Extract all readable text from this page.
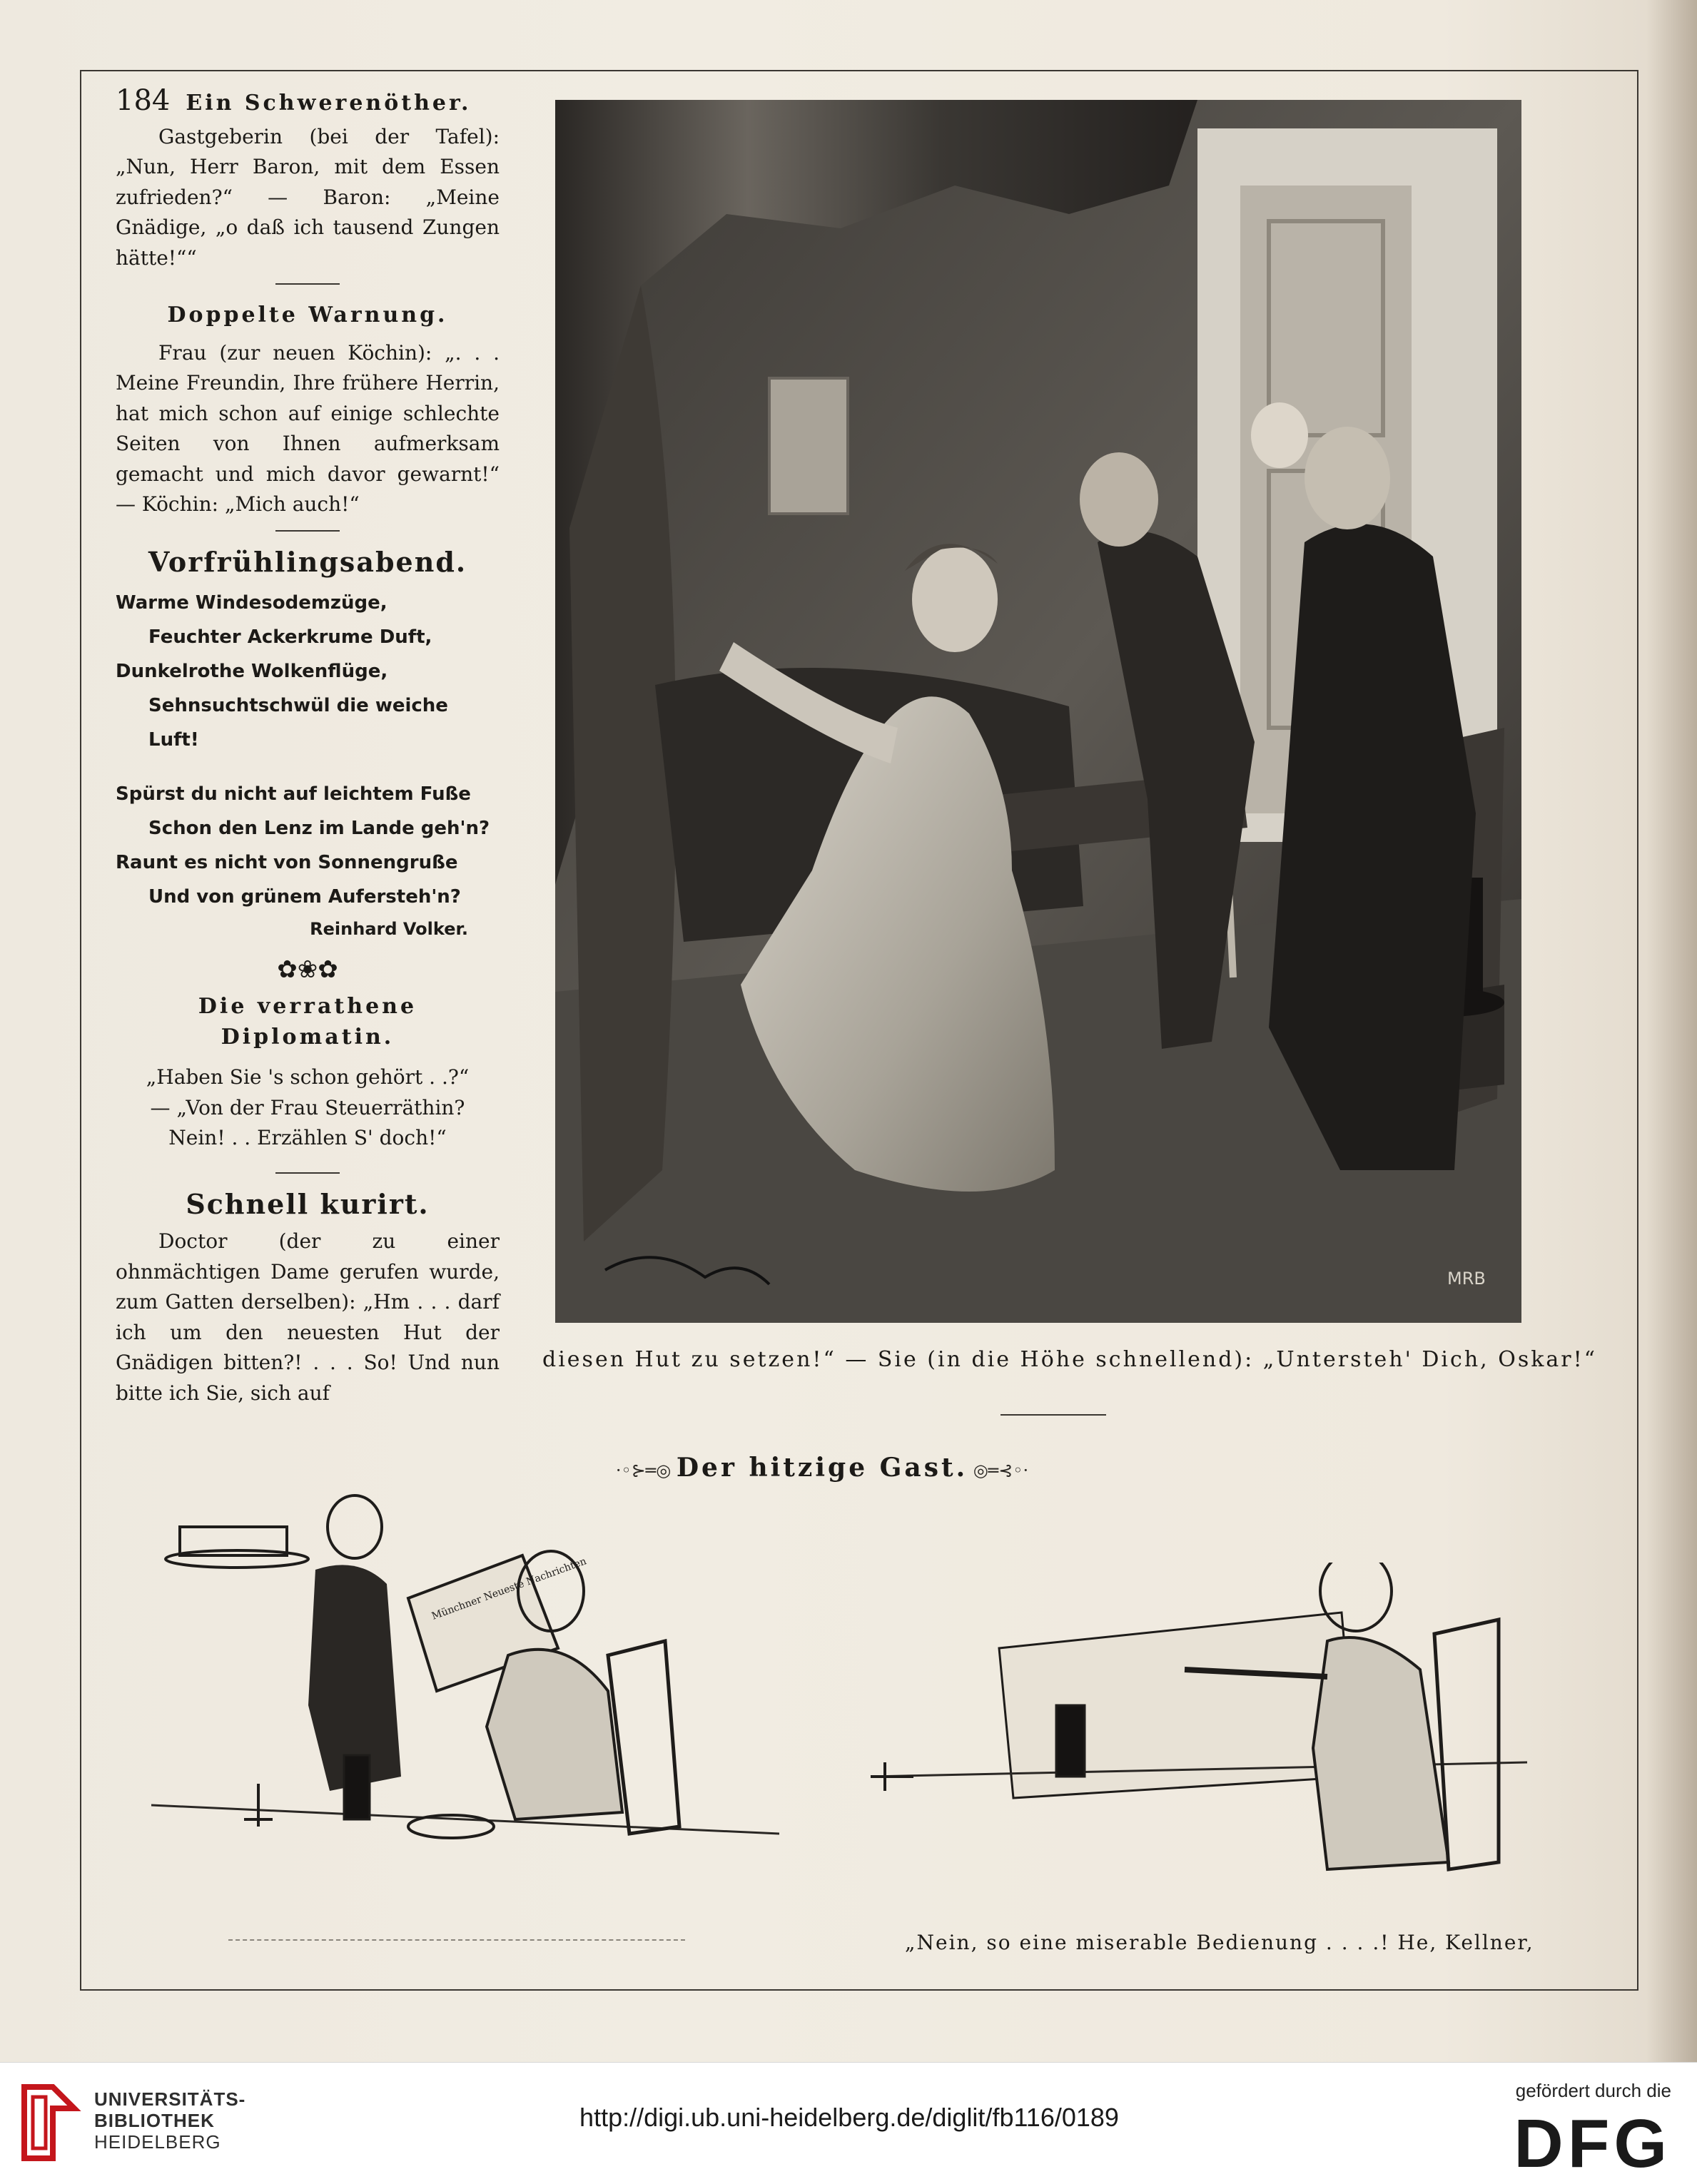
184 Ein Schwerenöther.
Gastgeberin (bei der Tafel): „Nun, Herr Baron, mit dem Essen zufrieden?“ — Baron: „Meine Gnädige, „o daß ich tausend Zungen hätte!““
Doppelte Warnung.
Frau (zur neuen Köchin): „. . . Meine Freundin, Ihre frühere Herrin, hat mich schon auf einige schlechte Seiten von Ihnen aufmerksam gemacht und mich davor gewarnt!“ — Köchin: „Mich auch!“
Vorfrühlingsabend.
Warme Windesodemzüge,
Feuchter Ackerkrume Duft,
Dunkelrothe Wolkenflüge,
Sehnsuchtschwül die weiche Luft!
Spürst du nicht auf leichtem Fuße
Schon den Lenz im Lande geh'n?
Raunt es nicht von Sonnengruße
Und von grünem Aufersteh'n?
Reinhard Volker.
✿❀✿
Die verrathene Diplomatin.
„Haben Sie 's schon gehört . .?“
— „Von der Frau Steuerräthin?
Nein! . . Erzählen S' doch!“
Schnell kurirt.
Doctor (der zu einer ohnmächtigen Dame gerufen wurde, zum Gatten derselben): „Hm . . . darf ich um den neuesten Hut der Gnädigen bitten?! . . . So! Und nun bitte ich Sie, sich auf
MRB
diesen Hut zu setzen!“ — Sie (in die Höhe schnellend): „Untersteh' Dich, Oskar!“
·◦⊱═◎ Der hitzige Gast. ◎═⊰◦·
Münchner Neueste Nachrichten
„Nein, so eine miserable Bedienung . . . .! He, Kellner,
UNIVERSITÄTS-
BIBLIOTHEK
HEIDELBERG
http://digi.ub.uni-heidelberg.de/diglit/fb116/0189
gefördert durch die
DFG
